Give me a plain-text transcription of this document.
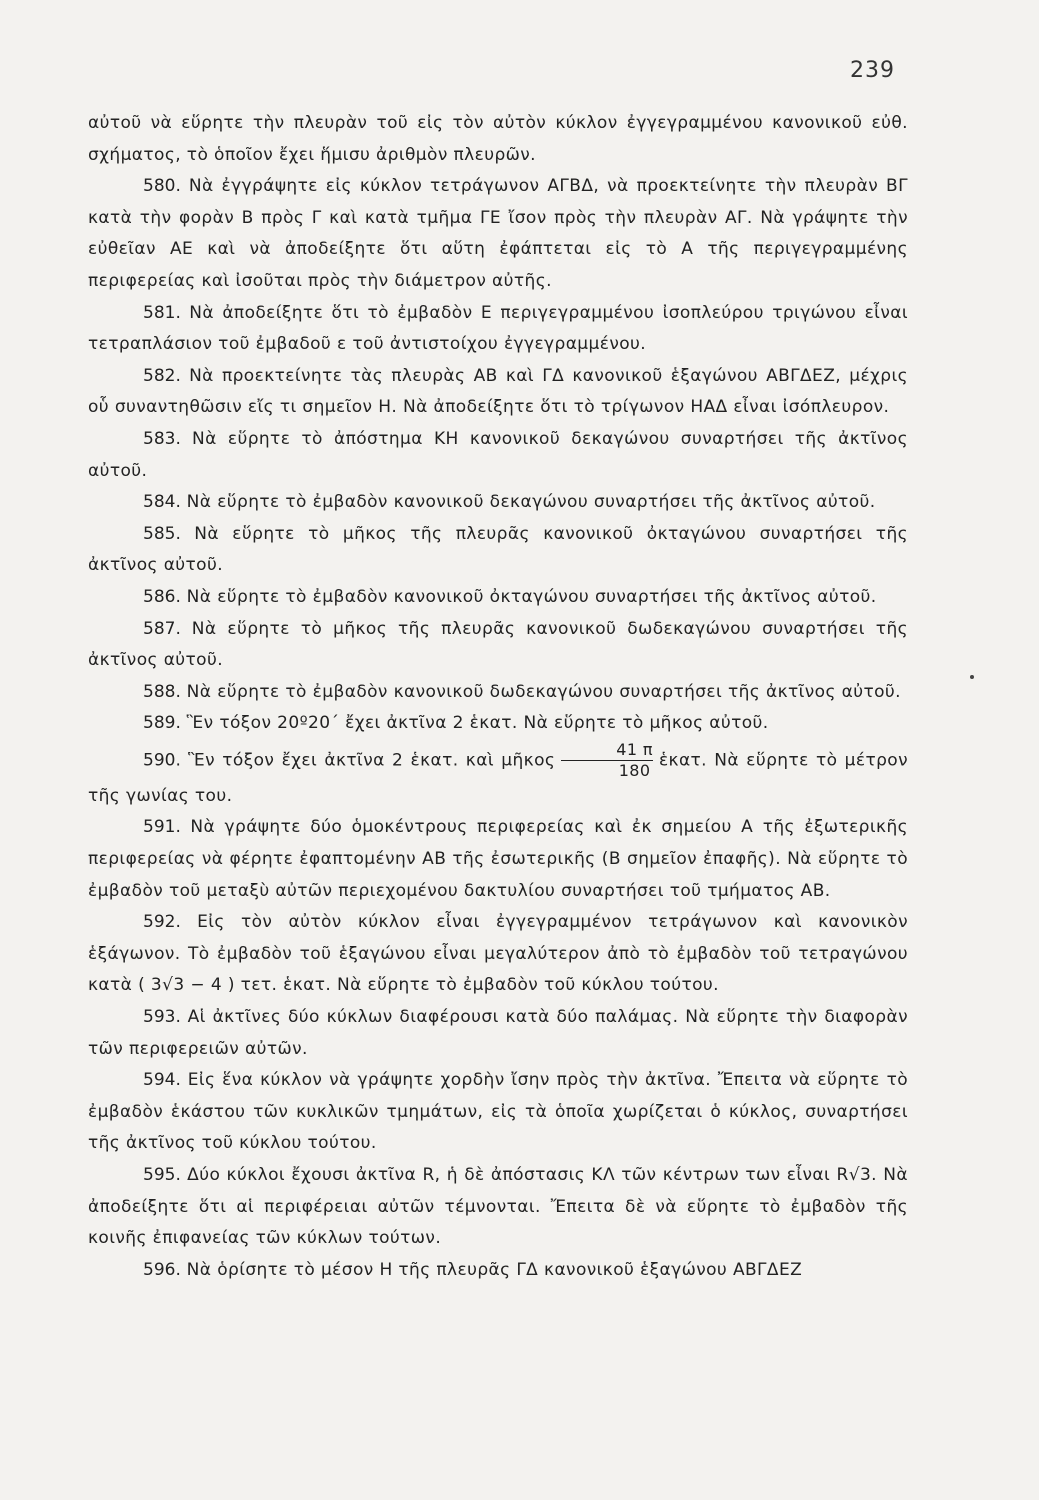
239

αὐτοῦ νὰ εὕρητε τὴν πλευρὰν τοῦ εἰς τὸν αὐτὸν κύκλον ἐγγεγραμμένου κανονικοῦ εὐθ. σχήματος, τὸ ὁποῖον ἔχει ἥμισυ ἀριθμὸν πλευρῶν.

580. Νὰ ἐγγράψητε εἰς κύκλον τετράγωνον ΑΓΒΔ, νὰ προεκτείνητε τὴν πλευρὰν ΒΓ κατὰ τὴν φορὰν Β πρὸς Γ καὶ κατὰ τμῆμα ΓΕ ἴσον πρὸς τὴν πλευρὰν ΑΓ. Νὰ γράψητε τὴν εὐθεῖαν ΑΕ καὶ νὰ ἀποδείξητε ὅτι αὕτη ἐφάπτεται εἰς τὸ Α τῆς περιγεγραμμένης περιφερείας καὶ ἰσοῦται πρὸς τὴν διάμετρον αὐτῆς.

581. Νὰ ἀποδείξητε ὅτι τὸ ἐμβαδὸν Ε περιγεγραμμένου ἰσοπλεύρου τριγώνου εἶναι τετραπλάσιον τοῦ ἐμβαδοῦ ε τοῦ ἀντιστοίχου ἐγγεγραμμένου.

582. Νὰ προεκτείνητε τὰς πλευρὰς ΑΒ καὶ ΓΔ κανονικοῦ ἑξαγώνου ΑΒΓΔΕΖ, μέχρις οὗ συναντηθῶσιν εἴς τι σημεῖον Η. Νὰ ἀποδείξητε ὅτι τὸ τρίγωνον ΗΑΔ εἶναι ἰσόπλευρον.

583. Νὰ εὕρητε τὸ ἀπόστημα ΚΗ κανονικοῦ δεκαγώνου συναρτήσει τῆς ἀκτῖνος αὐτοῦ.

584. Νὰ εὕρητε τὸ ἐμβαδὸν κανονικοῦ δεκαγώνου συναρτήσει τῆς ἀκτῖνος αὐτοῦ.

585. Νὰ εὕρητε τὸ μῆκος τῆς πλευρᾶς κανονικοῦ ὀκταγώνου συναρτήσει τῆς ἀκτῖνος αὐτοῦ.

586. Νὰ εὕρητε τὸ ἐμβαδὸν κανονικοῦ ὀκταγώνου συναρτήσει τῆς ἀκτῖνος αὐτοῦ.

587. Νὰ εὕρητε τὸ μῆκος τῆς πλευρᾶς κανονικοῦ δωδεκαγώνου συναρτήσει τῆς ἀκτῖνος αὐτοῦ.

588. Νὰ εὕρητε τὸ ἐμβαδὸν κανονικοῦ δωδεκαγώνου συναρτήσει τῆς ἀκτῖνος αὐτοῦ.

589. Ἓν τόξον 20º20΄ ἔχει ἀκτῖνα 2 ἑκατ. Νὰ εὕρητε τὸ μῆκος αὐτοῦ.

590. Ἓν τόξον ἔχει ἀκτῖνα 2 ἑκατ. καὶ μῆκος $\frac{41 \pi}{180}$ ἑκατ. Νὰ εὕρητε τὸ μέτρον τῆς γωνίας του.

591. Νὰ γράψητε δύο ὁμοκέντρους περιφερείας καὶ ἐκ σημείου Α τῆς ἐξωτερικῆς περιφερείας νὰ φέρητε ἐφαπτομένην ΑΒ τῆς ἐσωτερικῆς (Β σημεῖον ἐπαφῆς). Νὰ εὕρητε τὸ ἐμβαδὸν τοῦ μεταξὺ αὐτῶν περιεχομένου δακτυλίου συναρτήσει τοῦ τμήματος ΑΒ.

592. Εἰς τὸν αὐτὸν κύκλον εἶναι ἐγγεγραμμένον τετράγωνον καὶ κανονικὸν ἑξάγωνον. Τὸ ἐμβαδὸν τοῦ ἑξαγώνου εἶναι μεγαλύτερον ἀπὸ τὸ ἐμβαδὸν τοῦ τετραγώνου κατὰ ( 3√3 − 4 ) τετ. ἑκατ. Νὰ εὕρητε τὸ ἐμβαδὸν τοῦ κύκλου τούτου.

593. Αἱ ἀκτῖνες δύο κύκλων διαφέρουσι κατὰ δύο παλάμας. Νὰ εὕρητε τὴν διαφορὰν τῶν περιφερειῶν αὐτῶν.

594. Εἰς ἕνα κύκλον νὰ γράψητε χορδὴν ἴσην πρὸς τὴν ἀκτῖνα. Ἔπειτα νὰ εὕρητε τὸ ἐμβαδὸν ἑκάστου τῶν κυκλικῶν τμημάτων, εἰς τὰ ὁποῖα χωρίζεται ὁ κύκλος, συναρτήσει τῆς ἀκτῖνος τοῦ κύκλου τούτου.

595. Δύο κύκλοι ἔχουσι ἀκτῖνα R, ἡ δὲ ἀπόστασις ΚΛ τῶν κέντρων των εἶναι R√3. Νὰ ἀποδείξητε ὅτι αἱ περιφέρειαι αὐτῶν τέμνονται. Ἔπειτα δὲ νὰ εὕρητε τὸ ἐμβαδὸν τῆς κοινῆς ἐπιφανείας τῶν κύκλων τούτων.

596. Νὰ ὁρίσητε τὸ μέσον Η τῆς πλευρᾶς ΓΔ κανονικοῦ ἑξαγώνου ΑΒΓΔΕΖ
